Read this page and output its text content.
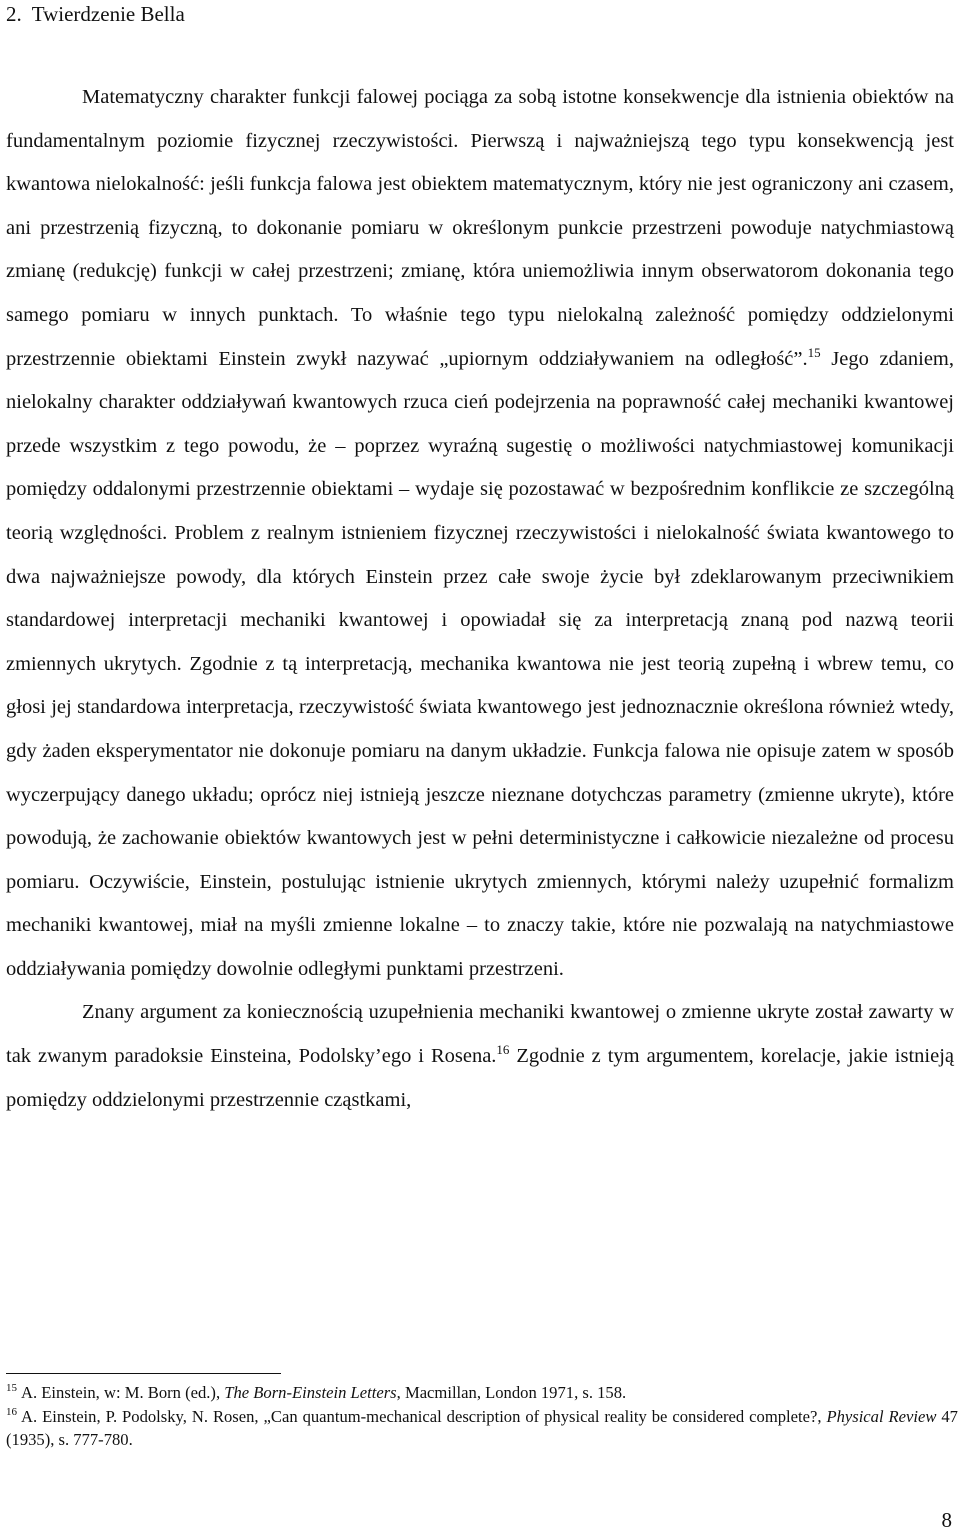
2. Twierdzenie Bella

Matematyczny charakter funkcji falowej pociąga za sobą istotne konsekwencje dla istnienia obiektów na fundamentalnym poziomie fizycznej rzeczywistości. Pierwszą i najważniejszą tego typu konsekwencją jest kwantowa nielokalność: jeśli funkcja falowa jest obiektem matematycznym, który nie jest ograniczony ani czasem, ani przestrzenią fizyczną, to dokonanie pomiaru w określonym punkcie przestrzeni powoduje natychmiastową zmianę (redukcję) funkcji w całej przestrzeni; zmianę, która uniemożliwia innym obserwatorom dokonania tego samego pomiaru w innych punktach. To właśnie tego typu nielokalną zależność pomiędzy oddzielonymi przestrzennie obiektami Einstein zwykł nazywać „upiornym oddziaływaniem na odległość”.$^{15}$ Jego zdaniem, nielokalny charakter oddziaływań kwantowych rzuca cień podejrzenia na poprawność całej mechaniki kwantowej przede wszystkim z tego powodu, że – poprzez wyraźną sugestię o możliwości natychmiastowej komunikacji pomiędzy oddalonymi przestrzennie obiektami – wydaje się pozostawać w bezpośrednim konflikcie ze szczególną teorią względności. Problem z realnym istnieniem fizycznej rzeczywistości i nielokalność świata kwantowego to dwa najważniejsze powody, dla których Einstein przez całe swoje życie był zdeklarowanym przeciwnikiem standardowej interpretacji mechaniki kwantowej i opowiadał się za interpretacją znaną pod nazwą teorii zmiennych ukrytych. Zgodnie z tą interpretacją, mechanika kwantowa nie jest teorią zupełną i wbrew temu, co głosi jej standardowa interpretacja, rzeczywistość świata kwantowego jest jednoznacznie określona również wtedy, gdy żaden eksperymentator nie dokonuje pomiaru na danym układzie. Funkcja falowa nie opisuje zatem w sposób wyczerpujący danego układu; oprócz niej istnieją jeszcze nieznane dotychczas parametry (zmienne ukryte), które powodują, że zachowanie obiektów kwantowych jest w pełni deterministyczne i całkowicie niezależne od procesu pomiaru. Oczywiście, Einstein, postulując istnienie ukrytych zmiennych, którymi należy uzupełnić formalizm mechaniki kwantowej, miał na myśli zmienne lokalne – to znaczy takie, które nie pozwalają na natychmiastowe oddziaływania pomiędzy dowolnie odległymi punktami przestrzeni.

Znany argument za koniecznością uzupełnienia mechaniki kwantowej o zmienne ukryte został zawarty w tak zwanym paradoksie Einsteina, Podolsky’ego i Rosena.$^{16}$ Zgodnie z tym argumentem, korelacje, jakie istnieją pomiędzy oddzielonymi przestrzennie cząstkami,

$^{15}$ A. Einstein, w: M. Born (ed.), The Born-Einstein Letters, Macmillan, London 1971, s. 158.

$^{16}$ A. Einstein, P. Podolsky, N. Rosen, „Can quantum-mechanical description of physical reality be considered complete?, Physical Review 47 (1935), s. 777-780.

8
